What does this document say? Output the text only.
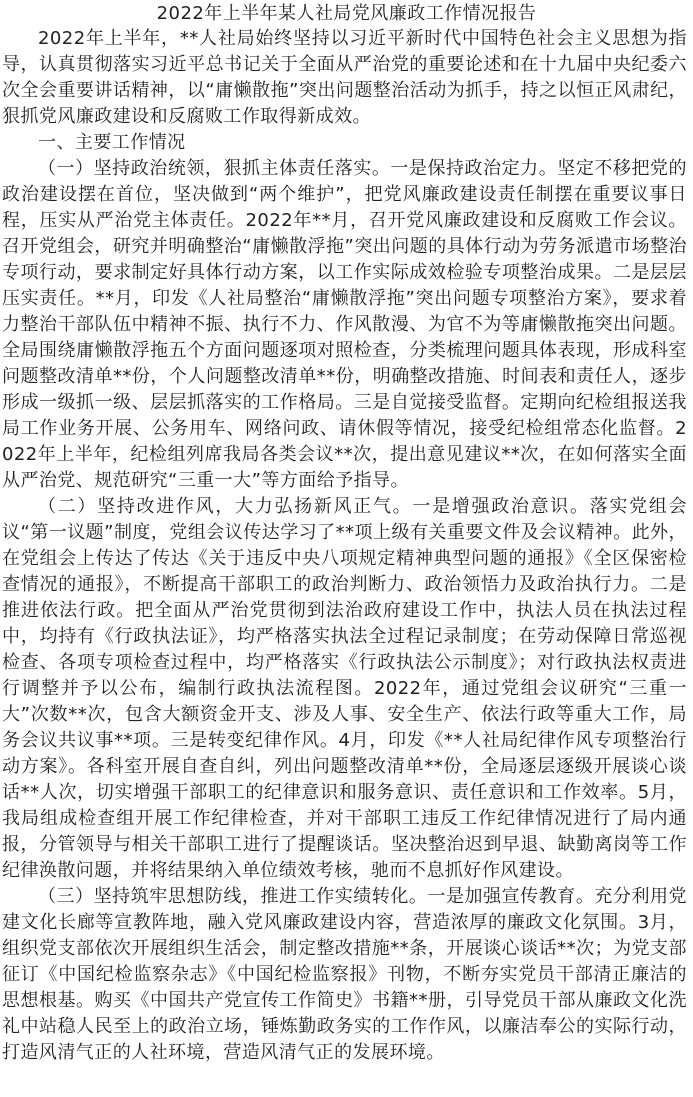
2022年上半年某人社局党风廉政工作情况报告

2022年上半年，**人社局始终坚持以习近平新时代中国特色社会主义思想为指导，认真贯彻落实习近平总书记关于全面从严治党的重要论述和在十九届中央纪委六次全会重要讲话精神，以“庸懒散拖”突出问题整治活动为抓手，持之以恒正风肃纪，狠抓党风廉政建设和反腐败工作取得新成效。

一、主要工作情况

（一）坚持政治统领，狠抓主体责任落实。一是保持政治定力。坚定不移把党的政治建设摆在首位，坚决做到“两个维护”，把党风廉政建设责任制摆在重要议事日程，压实从严治党主体责任。2022年**月，召开党风廉政建设和反腐败工作会议。召开党组会，研究并明确整治“庸懒散浮拖”突出问题的具体行动为劳务派遣市场整治专项行动，要求制定好具体行动方案，以工作实际成效检验专项整治成果。二是层层压实责任。**月，印发《人社局整治“庸懒散浮拖”突出问题专项整治方案》，要求着力整治干部队伍中精神不振、执行不力、作风散漫、为官不为等庸懒散拖突出问题。全局围绕庸懒散浮拖五个方面问题逐项对照检查，分类梳理问题具体表现，形成科室问题整改清单**份，个人问题整改清单**份，明确整改措施、时间表和责任人，逐步形成一级抓一级、层层抓落实的工作格局。三是自觉接受监督。定期向纪检组报送我局工作业务开展、公务用车、网络问政、请休假等情况，接受纪检组常态化监督。2022年上半年，纪检组列席我局各类会议**次，提出意见建议**次，在如何落实全面从严治党、规范研究“三重一大”等方面给予指导。

（二）坚持改进作风，大力弘扬新风正气。一是增强政治意识。落实党组会议“第一议题”制度，党组会议传达学习了**项上级有关重要文件及会议精神。此外，在党组会上传达了传达《关于违反中央八项规定精神典型问题的通报》《全区保密检查情况的通报》，不断提高干部职工的政治判断力、政治领悟力及政治执行力。二是推进依法行政。把全面从严治党贯彻到法治政府建设工作中，执法人员在执法过程中，均持有《行政执法证》，均严格落实执法全过程记录制度；在劳动保障日常巡视检查、各项专项检查过程中，均严格落实《行政执法公示制度》；对行政执法权责进行调整并予以公布，编制行政执法流程图。2022年，通过党组会议研究“三重一大”次数**次，包含大额资金开支、涉及人事、安全生产、依法行政等重大工作，局务会议共议事**项。三是转变纪律作风。4月，印发《**人社局纪律作风专项整治行动方案》。各科室开展自查自纠，列出问题整改清单**份，全局逐层逐级开展谈心谈话**人次，切实增强干部职工的纪律意识和服务意识、责任意识和工作效率。5月，我局组成检查组开展工作纪律检查，并对干部职工违反工作纪律情况进行了局内通报，分管领导与相关干部职工进行了提醒谈话。坚决整治迟到早退、缺勤离岗等工作纪律涣散问题，并将结果纳入单位绩效考核，驰而不息抓好作风建设。

（三）坚持筑牢思想防线，推进工作实绩转化。一是加强宣传教育。充分利用党建文化长廊等宣教阵地，融入党风廉政建设内容，营造浓厚的廉政文化氛围。3月，组织党支部依次开展组织生活会，制定整改措施**条，开展谈心谈话**次；为党支部征订《中国纪检监察杂志》《中国纪检监察报》刊物，不断夯实党员干部清正廉洁的思想根基。购买《中国共产党宣传工作简史》书籍**册，引导党员干部从廉政文化洗礼中站稳人民至上的政治立场，锤炼勤政务实的工作作风，以廉洁奉公的实际行动，打造风清气正的人社环境，营造风清气正的发展环境。
